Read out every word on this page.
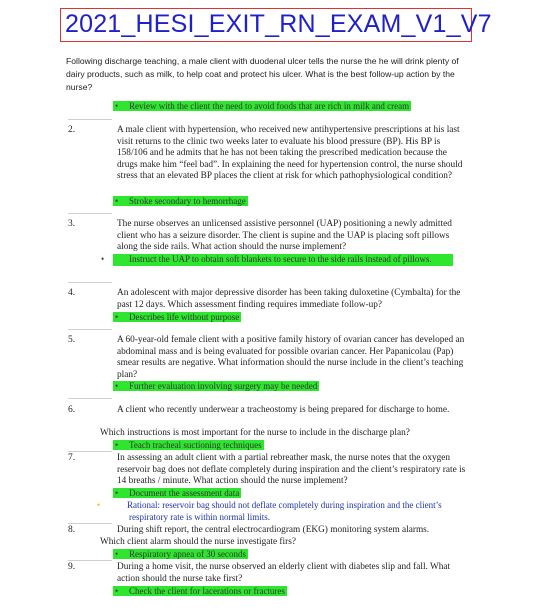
2021_HESI_EXIT_RN_EXAM_V1_V7
Following discharge teaching, a male client with duodenal ulcer tells the nurse the he will drink plenty of dairy products, such as milk, to help coat and protect his ulcer. What is the best follow-up action by the nurse?
• Review with the client the need to avoid foods that are rich in milk and cream
2.	A male client with hypertension, who received new antihypertensive prescriptions at his last visit returns to the clinic two weeks later to evaluate his blood pressure (BP). His BP is 158/106 and he admits that he has not been taking the prescribed medication because the drugs make him “feel bad”. In explaining the need for hypertension control, the nurse should stress that an elevated BP places the client at risk for which pathophysiological condition?
• Stroke secondary to hemorrhage
3.	The nurse observes an unlicensed assistive personnel (UAP) positioning a newly admitted client who has a seizure disorder. The client is supine and the UAP is placing soft pillows along the side rails. What action should the nurse implement?
•	Instruct the UAP to obtain soft blankets to secure to the side rails instead of pillows.
4.	An adolescent with major depressive disorder has been taking duloxetine (Cymbalta) for the past 12 days. Which assessment finding requires immediate follow-up?
• Describes life without purpose
5.	A 60-year-old female client with a positive family history of ovarian cancer has developed an abdominal mass and is being evaluated for possible ovarian cancer. Her Papanicolau (Pap) smear results are negative. What information should the nurse include in the client’s teaching plan?
• Further evaluation involving surgery may be needed
6.	A client who recently underwear a tracheostomy is being prepared for discharge to home.
Which instructions is most important for the nurse to include in the discharge plan?
• Teach tracheal suctioning techniques
7.	In assessing an adult client with a partial rebreather mask, the nurse notes that the oxygen reservoir bag does not deflate completely during inspiration and the client’s respiratory rate is 14 breaths / minute. What action should the nurse implement?
• Document the assessment data
•	Rational: reservoir bag should not deflate completely during inspiration and the client’s respiratory rate is within normal limits.
8.	During shift report, the central electrocardiogram (EKG) monitoring system alarms.
Which client alarm should the nurse investigate firs?
• Respiratory apnea of 30 seconds
9.	During a home visit, the nurse observed an elderly client with diabetes slip and fall. What action should the nurse take first?
• Check the client for lacerations or fractures
